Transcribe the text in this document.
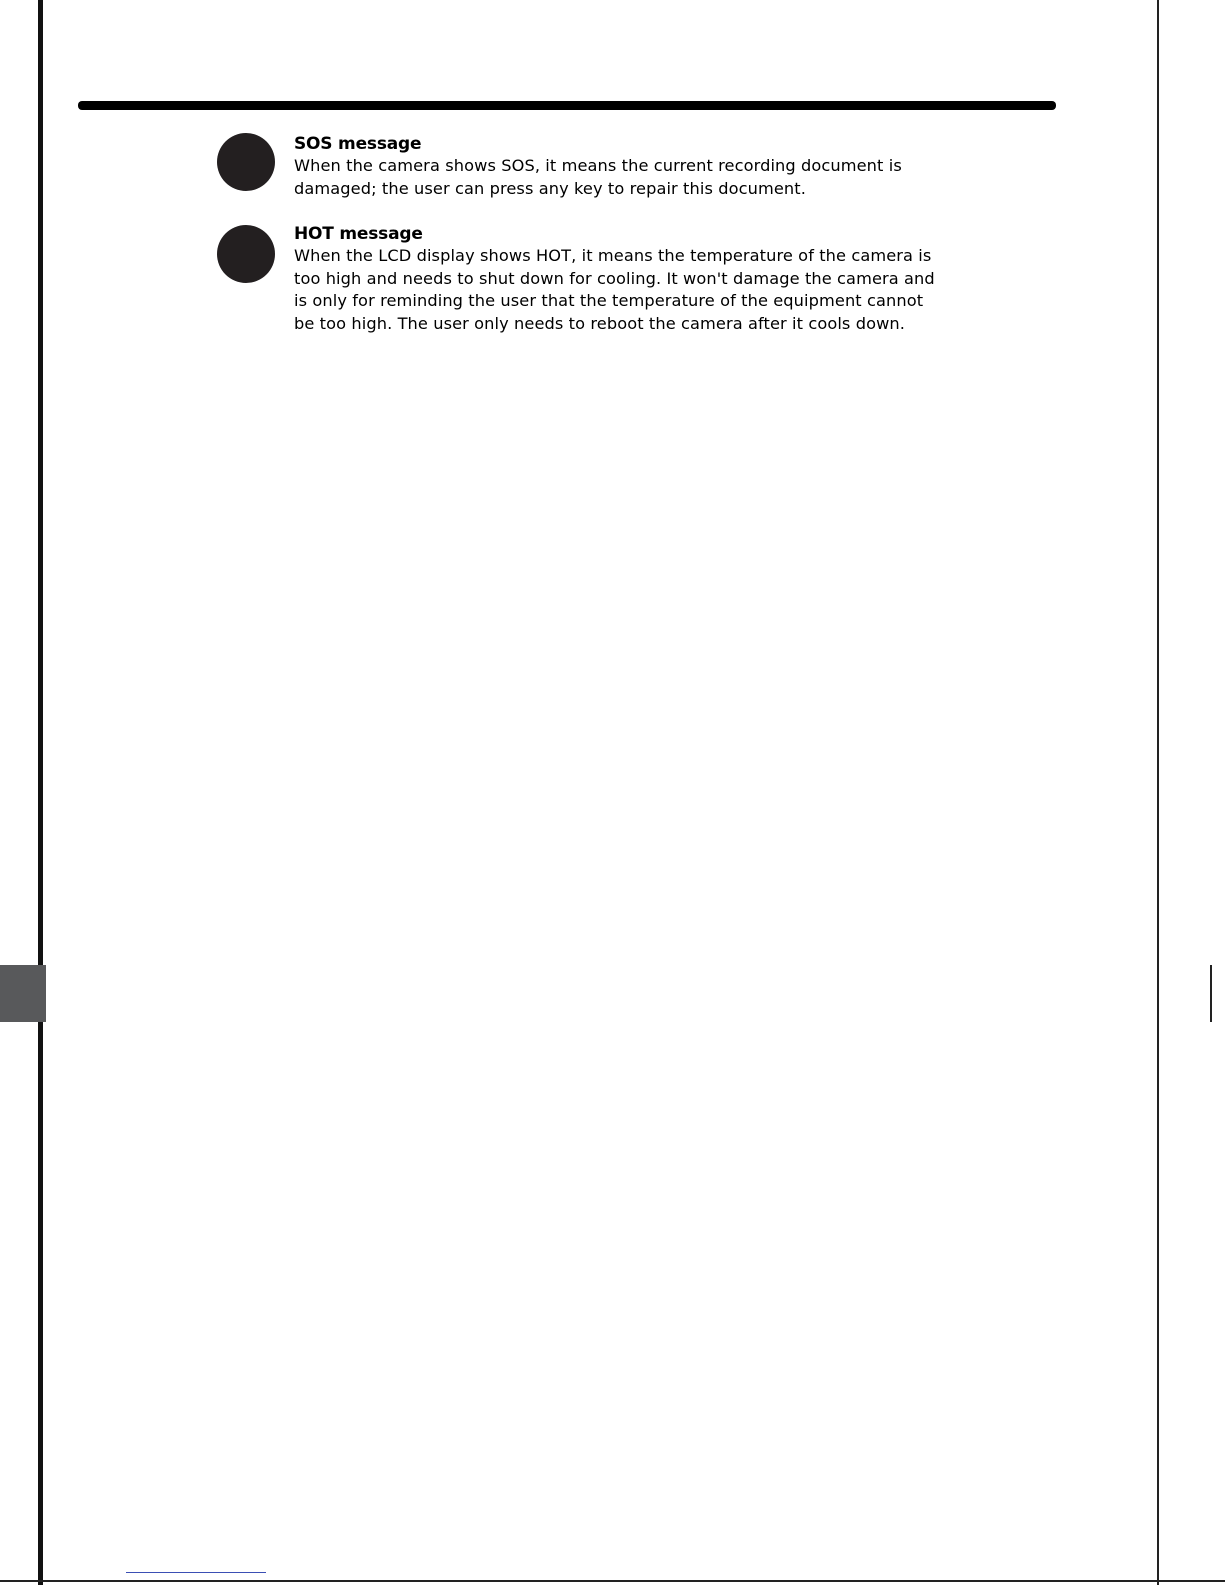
SOS message

When the camera shows SOS, it means the current recording document is

damaged; the user can press any key to repair this document.

HOT message

When the LCD display shows HOT, it means the temperature of the camera is

too high and needs to shut down for cooling. It won't damage the camera and

is only for reminding the user that the temperature of the equipment cannot

be too high. The user only needs to reboot the camera after it cools down.
